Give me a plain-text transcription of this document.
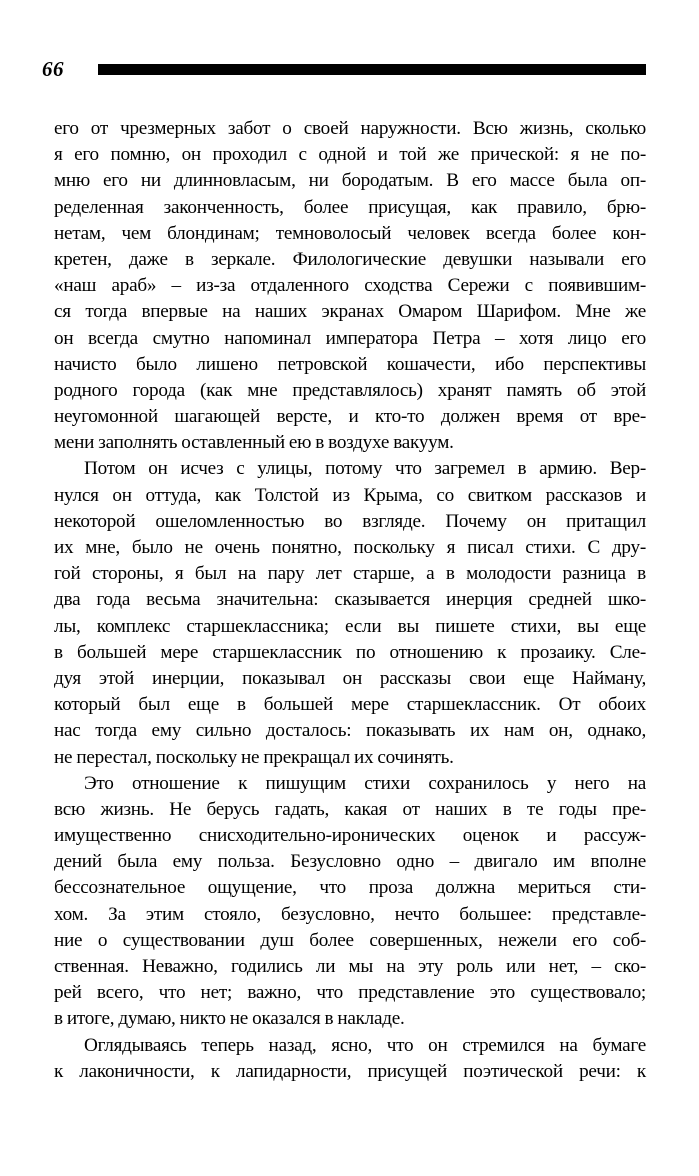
66
его от чрезмерных забот о своей наружности. Всю жизнь, сколько
я его помню, он проходил с одной и той же прической: я не по-
мню его ни длинновласым, ни бородатым. В его массе была оп-
ределенная законченность, более присущая, как правило, брю-
нетам, чем блондинам; темноволосый человек всегда более кон-
кретен, даже в зеркале. Филологические девушки называли его
«наш араб» – из-за отдаленного сходства Сережи с появившим-
ся тогда впервые на наших экранах Омаром Шарифом. Мне же
он всегда смутно напоминал императора Петра – хотя лицо его
начисто было лишено петровской кошачести, ибо перспективы
родного города (как мне представлялось) хранят память об этой
неугомонной шагающей версте, и кто-то должен время от вре-
мени заполнять оставленный ею в воздухе вакуум.
Потом он исчез с улицы, потому что загремел в армию. Вер-
нулся он оттуда, как Толстой из Крыма, со свитком рассказов и
некоторой ошеломленностью во взгляде. Почему он притащил
их мне, было не очень понятно, поскольку я писал стихи. С дру-
гой стороны, я был на пару лет старше, а в молодости разница в
два года весьма значительна: сказывается инерция средней шко-
лы, комплекс старшеклассника; если вы пишете стихи, вы еще
в большей мере старшеклассник по отношению к прозаику. Сле-
дуя этой инерции, показывал он рассказы свои еще Найману,
который был еще в большей мере старшеклассник. От обоих
нас тогда ему сильно досталось: показывать их нам он, однако,
не перестал, поскольку не прекращал их сочинять.
Это отношение к пишущим стихи сохранилось у него на
всю жизнь. Не берусь гадать, какая от наших в те годы пре-
имущественно снисходительно-иронических оценок и рассуж-
дений была ему польза. Безусловно одно – двигало им вполне
бессознательное ощущение, что проза должна мериться сти-
хом. За этим стояло, безусловно, нечто большее: представле-
ние о существовании душ более совершенных, нежели его соб-
ственная. Неважно, годились ли мы на эту роль или нет, – ско-
рей всего, что нет; важно, что представление это существовало;
в итоге, думаю, никто не оказался в накладе.
Оглядываясь теперь назад, ясно, что он стремился на бумаге
к лаконичности, к лапидарности, присущей поэтической речи: к
